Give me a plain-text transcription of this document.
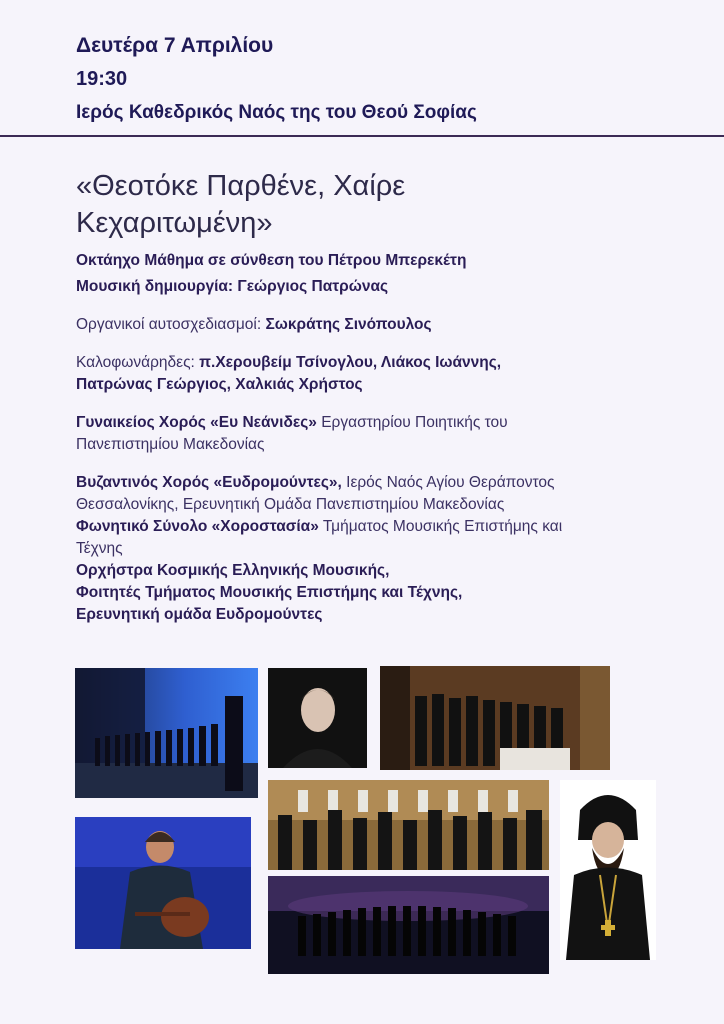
Δευτέρα 7 Απριλίου
19:30
Ιερός Καθεδρικός Ναός της του Θεού Σοφίας
«Θεοτόκε Παρθένε, Χαίρε
Κεχαριτωμένη»

Οκτάηχο Μάθημα σε σύνθεση του Πέτρου Μπερεκέτη

Μουσική δημιουργία: Γεώργιος Πατρώνας

Οργανικοί αυτοσχεδιασμοί: Σωκράτης Σινόπουλος

Καλοφωνάρηδες: π.Χερουβείμ Τσίνογλου, Λιάκος Ιωάννης,
Πατρώνας Γεώργιος, Χαλκιάς Χρήστος

Γυναικείος Χορός «Ευ Νεάνιδες» Εργαστηρίου Ποιητικής του
Πανεπιστημίου Μακεδονίας

Βυζαντινός Χορός «Ευδρομούντες», Ιερός Ναός Αγίου Θεράποντος
Θεσσαλονίκης, Ερευνητική Ομάδα Πανεπιστημίου Μακεδονίας

Φωνητικό Σύνολο «Χοροστασία» Τμήματος Μουσικής Επιστήμης και
Τέχνης

Ορχήστρα Κοσμικής Ελληνικής Μουσικής,

Φοιτητές Τμήματος Μουσικής Επιστήμης και Τέχνης,

Ερευνητική ομάδα Ευδρομούντες
